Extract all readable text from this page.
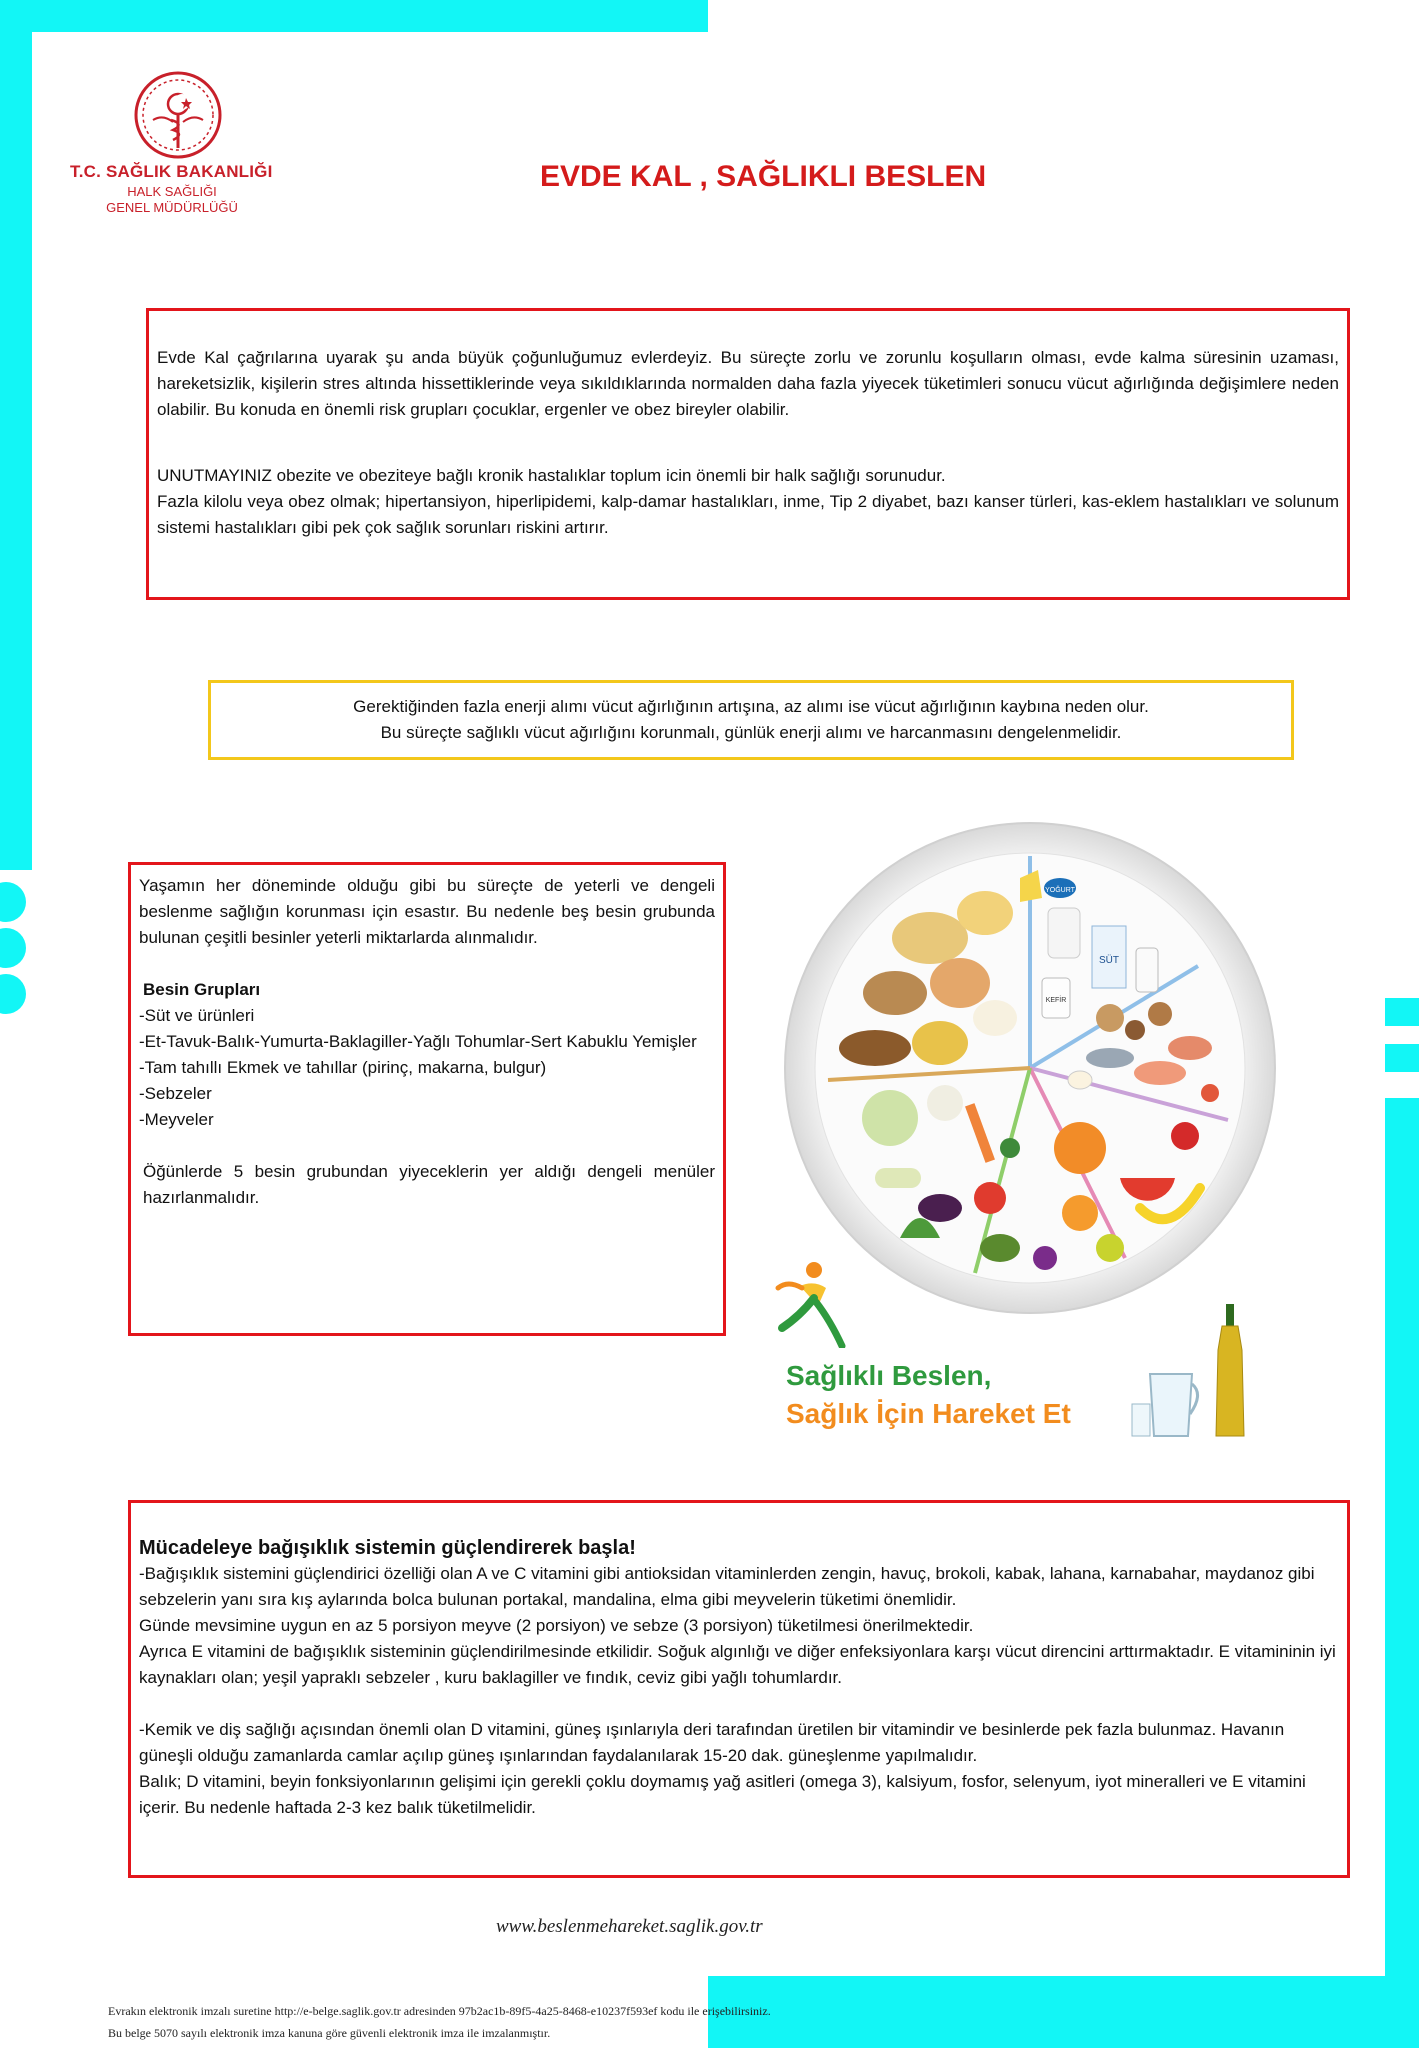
T.C. SAĞLIK BAKANLIĞI
HALK SAĞLIĞI
GENEL MÜDÜRLÜĞÜ
EVDE KAL , SAĞLIKLI BESLEN

Evde Kal çağrılarına uyarak şu anda büyük çoğunluğumuz evlerdeyiz. Bu süreçte zorlu ve zorunlu koşulların olması, evde kalma süresinin uzaması, hareketsizlik, kişilerin stres altında hissettiklerinde veya sıkıldıklarında normalden daha fazla yiyecek tüketimleri sonucu vücut ağırlığında değişimlere neden olabilir. Bu konuda en önemli risk grupları çocuklar, ergenler ve obez bireyler olabilir.

UNUTMAYINIZ obezite ve obeziteye bağlı kronik hastalıklar toplum icin önemli bir halk sağlığı sorunudur.

Fazla kilolu veya obez olmak; hipertansiyon, hiperlipidemi, kalp-damar hastalıkları, inme, Tip 2 diyabet, bazı kanser türleri, kas-eklem hastalıkları ve solunum sistemi hastalıkları gibi pek çok sağlık sorunları riskini artırır.

Gerektiğinden fazla enerji alımı vücut ağırlığının artışına, az alımı ise vücut ağırlığının kaybına neden olur.

Bu süreçte sağlıklı vücut ağırlığını korunmalı, günlük enerji alımı ve harcanmasını dengelenmelidir.

Yaşamın her döneminde olduğu gibi bu süreçte de yeterli ve dengeli beslenme sağlığın korunması için esastır. Bu nedenle beş besin grubunda bulunan çeşitli besinler yeterli miktarlarda alınmalıdır.

Besin Grupları

-Süt ve ürünleri

-Et-Tavuk-Balık-Yumurta-Baklagiller-Yağlı Tohumlar-Sert Kabuklu Yemişler

-Tam tahıllı Ekmek ve tahıllar (pirinç, makarna, bulgur)

-Sebzeler

-Meyveler

Öğünlerde 5 besin grubundan yiyeceklerin yer aldığı dengeli menüler hazırlanmalıdır.

SÜT
YOĞURT
KEFİR
Sağlıklı Beslen,
Sağlık İçin Hareket Et

Mücadeleye bağışıklık sistemin güçlendirerek başla!

-Bağışıklık sistemini güçlendirici özelliği olan A ve C vitamini gibi antioksidan vitaminlerden zengin, havuç, brokoli, kabak, lahana, karnabahar, maydanoz gibi sebzelerin yanı sıra kış aylarında bolca bulunan portakal, mandalina, elma gibi meyvelerin tüketimi önemlidir.

Günde mevsimine uygun en az 5 porsiyon meyve (2 porsiyon) ve sebze (3 porsiyon) tüketilmesi önerilmektedir.

Ayrıca E vitamini de bağışıklık sisteminin güçlendirilmesinde etkilidir. Soğuk algınlığı ve diğer enfeksiyonlara karşı vücut direncini arttırmaktadır. E vitamininin iyi kaynakları olan; yeşil yapraklı sebzeler , kuru baklagiller ve fındık, ceviz gibi yağlı tohumlardır.

-Kemik ve diş sağlığı açısından önemli olan D vitamini, güneş ışınlarıyla deri tarafından üretilen bir vitamindir ve besinlerde pek fazla bulunmaz. Havanın güneşli olduğu zamanlarda camlar açılıp güneş ışınlarından faydalanılarak 15-20 dak. güneşlenme yapılmalıdır.

Balık; D vitamini, beyin fonksiyonlarının gelişimi için gerekli çoklu doymamış yağ asitleri (omega 3), kalsiyum, fosfor, selenyum, iyot mineralleri ve E vitamini içerir. Bu nedenle haftada 2-3 kez balık tüketilmelidir.

www.beslenmehareket.saglik.gov.tr
Evrakın elektronik imzalı suretine http://e-belge.saglik.gov.tr adresinden 97b2ac1b-89f5-4a25-8468-e10237f593ef kodu ile erişebilirsiniz.
Bu belge 5070 sayılı elektronik imza kanuna göre güvenli elektronik imza ile imzalanmıştır.
